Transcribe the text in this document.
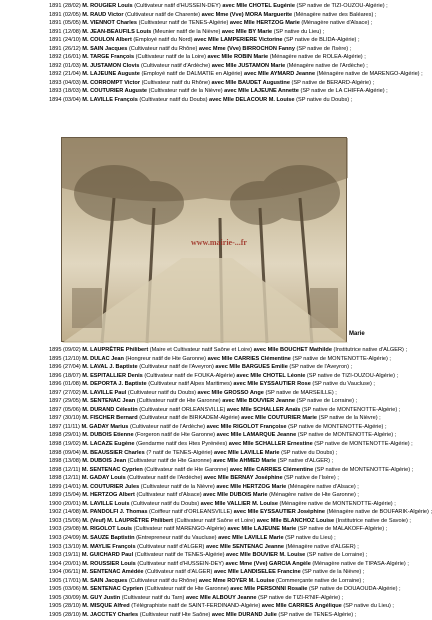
1891 (28/02) M. ROUGIER Louis (Cultivateur natif d'HUSSEIN-DEY) avec Mlle CHOTEL Eugénie (SP native de TIZI-OUZOU-Algérie) ;
1891 (02/05) M. RAUD Victor (Cultivateur natif de Charente) avec Mme (Vve) MORA Marguerite (Ménagère native des Baléares) ;
1891 (05/05) M. VIENNOT Charles (Cultivateur natif de TENES-Algérie) avec Mlle HERTZOG Marie (Ménagère native d'Alsace) ;
1891 (12/08) M. JEAN-BEAUFILS Louis (Meunier natif de la Nièvre) avec Mlle BY Marie (SP native du Lieu) ;
1891 (24/10) M. COULON Albert (Employé natif du Nord) avec Mlle LAMPERIERE Victorine (SP native de BLIDA-Algérie) ;
1891 (26/12) M. SAIN Jacques (Cultivateur natif du Rhône) avec Mme (Vve) BIRROCHON Fanny (SP native de l'Isère) ;
1892 (16/01) M. TARGE François (Cultivateur natif de la Loire) avec Mlle ROBIN Marie (Ménagère native de ROLEA-Algérie) ;
1892 (01/03) M. JUSTAMON Clovis (Cultivateur natif d'Ardèche) avec Mlle JUSTAMON Marie (Ménagère native de l'Ardèche) ;
1892 (21/04) M. LAJEUNE Auguste (Employé natif de DALMATIE en Algérie) avec Mlle AYMARD Jeanne (Ménagère native de MARENGO-Algérie) ;
1893 (04/03) M. CORROMPT Victor (Cultivateur natif du Rhône) avec Mlle BAUDET Augustine (SP native de BERARD-Algérie) ;
1893 (18/03) M. COUTURIER Auguste (Cultivateur natif de la Nièvre) avec Mlle LAJEUNE Annette (SP native de LA CHIFFA-Algérie) ;
1894 (03/04) M. LAVILLE François (Cultivateur natif du Doubs) avec Mlle DELACOUR M. Louise (SP native du Doubs) ;
www.mairie-...fr
Marie
1895 (09/02) M. LAUPRÊTRE Philibert (Maire et Cultivateur natif Saône et Loire) avec Mlle BOUCHET Mathilde (Institutrice native d'ALGER) ;
1895 (12/10) M. DULAC Jean (Hongreur natif de Hte Garonne) avec Mlle CARRIES Clémentine (SP native de MONTENOTTE-Algérie) ;
1896 (27/04) M. LAVAL J. Baptiste (Cultivateur natif de l'Aveyron) avec Mlle BARGUES Emilie (SP native de l'Aveyron) ;
1896 (18/07) M. ESPITALLIER Denis (Cultivateur natif de FOUKA-Algérie) avec Mlle CHOTEL Léonie (SP native de TIZI-OUZOU-Algérie) ;
1896 (01/08) M. DEPORTA J. Baptiste (Cultivateur natif Alpes Maritimes) avec Mlle EYSSAUTIER Rose (SP native du Vaucluse) ;
1897 (27/02) M. LAVILLE Paul (Cultivateur natif du Doubs) avec Mlle GROSSO Ange (SP native de MARSEILLE) ;
1897 (29/05) M. SENTENAC Jean (Cultivateur natif de Hte Garonne) avec Mlle BOUVIER Jeanne (SP native de Lorraine) ;
1897 (05/06) M. DURAND Célestin (Cultivateur natif ORLEANSVILLE) avec Mlle SCHALLER Anaïs (SP native de MONTENOTTE-Algérie) ;
1897 (30/10) M. FISCHER Bernard (Cultivateur natif de BIRKADEM-Algérie) avec Mlle COUTURIER Marie (SP native de la Nièvre) ;
1897 (11/11) M. GADAY Marius (Cultivateur natif de l'Ardèche) avec Mlle RIGOLOT Françoise (SP native de MONTENOTTE-Algérie) ;
1898 (29/01) M. DUBOIS Etienne (Forgeron natif de Hte Garonne) avec Mlle LAMARQUE Jeanne (SP native de MONTENOTTE-Algérie) ;
1898 (19/02) M. LACAZE Eugène (Gendarme natif des Htes Pyrénées) avec Mlle SCHALLER Ernestine (SP native de MONTENOTTE-Algérie) ;
1898 (09/04) M. BEAUSSIER Charles (? natif de TENES-Algérie) avec Mlle LAVILLE Marie (SP native du Doubs) ;
1898 (13/08) M. DUBOIS Jean (Cultivateur natif de Hte Garonne) avec Mlle AHMED Marie (SP native d'ALGER) ;
1898 (12/11) M. SENTENAC Cyprien (Cultivateur natif de Hte Garonne) avec Mlle CARRIES Clémentine (SP native de MONTENOTTE-Algérie) ;
1898 (12/11) M. GADAY Louis (Cultivateur natif de l'Ardèche) avec Mlle BERNAY Joséphine (SP native de l'Isère) ;
1899 (14/01) M. COUTURIER Jules (Cultivateur natif de la Nièvre) avec Mlle HERTZOG Marie (Ménagère native d'Alsace) ;
1899 (15/04) M. HERTZOG Albert (Cultivateur natif d'Alsace) avec Mlle DUBOIS Marie (Ménagère native de Hte Garonne) ;
1900 (20/01) M. LAVILLE Louis (Cultivateur natif du Doubs) avec Mlle VALLIER M. Louise (Ménagère native de MONTENOTTE-Algérie) ;
1902 (14/08) M. PANDOLFI J. Thomas (Coiffeur natif d'ORLEANSVILLE) avec Mlle EYSSAUTIER Joséphine (Ménagère native de BOUFARIK-Algérie) ;
1903 (15/06) M. (Veuf) M. LAUPRÊTRE Philibert (Cultivateur natif Saône et Loire) avec Mlle BLANCHOZ Louise (Institutrice native de Savoie) ;
1903 (29/08) M. RIGOLOT Louis (Cultivateur natif MARENGO-Algérie) avec Mlle LAJEUNE Marie (SP native de MALAKOFF-Algérie) ;
1903 (24/09) M. SAUZE Baptistin (Entrepreneur natif du Vaucluse) avec Mlle LAVILLE Marie (SP native du Lieu) ;
1903 (13/10) M. MAYLIE François (Cultivateur natif d'ALGER) avec Mlle SENTENAC Jeanne (Ménagère native d'ALGER) ;
1903 (19/11) M. GUICHARD Paul (Cultivateur natif de TENES-Algérie) avec Mlle BOUVIER M. Louise (SP native de Lorraine) ;
1904 (20/01) M. ROUSSIER Louis (Cultivateur natif d'HUSSEIN-DEY) avec Mme (Vve) GARCIA Angèle (Ménagère native de TIPASA-Algérie) ;
1904 (06/11) M. SENTENAC Amédée (Cultivateur natif d'ALGER) avec Mlle LANDISELEE Francine (SP native de la Nièvre) ;
1905 (17/01) M. SAIN Jacques (Cultivateur natif du Rhône) avec Mme ROYER M. Louise (Commerçante native de Lorraine) ;
1905 (03/06) M. SENTENAC Cyprien (Cultivateur natif de Hte Garonne) avec Mlle PERSONNI Rosalie (SP native de DOUAOUDA-Algérie) ;
1905 (30/09) M. GUY Justin (Cultivateur natif du Tarn) avec Mlle ALBOUY Jeanne (SP native de TIZI-R'NIF-Algérie) ;
1905 (28/10) M. MISQUE Alfred (Télégraphiste natif de SAINT-FERDINAND-Algérie) avec Mlle CARRIES Angélique (SP native du Lieu) ;
1905 (28/10) M. JACCTEY Charles (Cultivateur natif Hte Saône) avec Mlle DURAND Julie (SP native de TENES-Algérie) ;
